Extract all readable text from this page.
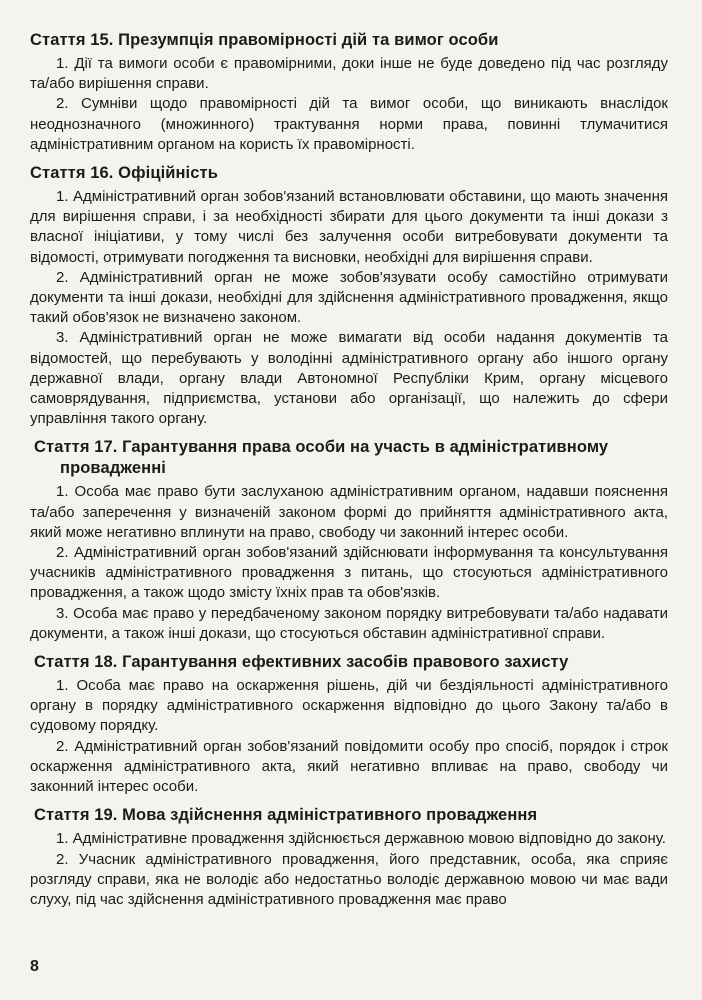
Стаття 15. Презумпція правомірності дій та вимог особи

1. Дії та вимоги особи є правомірними, доки інше не буде доведено під час розгляду та/або вирішення справи.

2. Сумніви щодо правомірності дій та вимог особи, що виникають внаслідок неоднозначного (множинного) трактування норми права, повинні тлумачитися адміністративним органом на користь їх правомірності.

Стаття 16. Офіційність

1. Адміністративний орган зобов'язаний встановлювати обставини, що мають значення для вирішення справи, і за необхідності збирати для цього документи та інші докази з власної ініціативи, у тому числі без залучення особи витребовувати документи та відомості, отримувати погодження та висновки, необхідні для вирішення справи.

2. Адміністративний орган не може зобов'язувати особу самостійно отримувати документи та інші докази, необхідні для здійснення адміністративного провадження, якщо такий обов'язок не визначено законом.

3. Адміністративний орган не може вимагати від особи надання документів та відомостей, що перебувають у володінні адміністративного органу або іншого органу державної влади, органу влади Автономної Республіки Крим, органу місцевого самоврядування, підприємства, установи або організації, що належить до сфери управління такого органу.

Стаття 17. Гарантування права особи на участь в адміністративному
провадженні

1. Особа має право бути заслуханою адміністративним органом, надавши пояснення та/або заперечення у визначеній законом формі до прийняття адміністративного акта, який може негативно вплинути на право, свободу чи законний інтерес особи.

2. Адміністративний орган зобов'язаний здійснювати інформування та консультування учасників адміністративного провадження з питань, що стосуються адміністративного провадження, а також щодо змісту їхніх прав та обов'язків.

3. Особа має право у передбаченому законом порядку витребовувати та/або надавати документи, а також інші докази, що стосуються обставин адміністративної справи.

Стаття 18. Гарантування ефективних засобів правового захисту

1. Особа має право на оскарження рішень, дій чи бездіяльності адміністративного органу в порядку адміністративного оскарження відповідно до цього Закону та/або в судовому порядку.

2. Адміністративний орган зобов'язаний повідомити особу про спосіб, порядок і строк оскарження адміністративного акта, який негативно впливає на право, свободу чи законний інтерес особи.

Стаття 19. Мова здійснення адміністративного провадження

1. Адміністративне провадження здійснюється державною мовою відповідно до закону.

2. Учасник адміністративного провадження, його представник, особа, яка сприяє розгляду справи, яка не володіє або недостатньо володіє державною мовою чи має вади слуху, під час здійснення адміністративного провадження має право

8
